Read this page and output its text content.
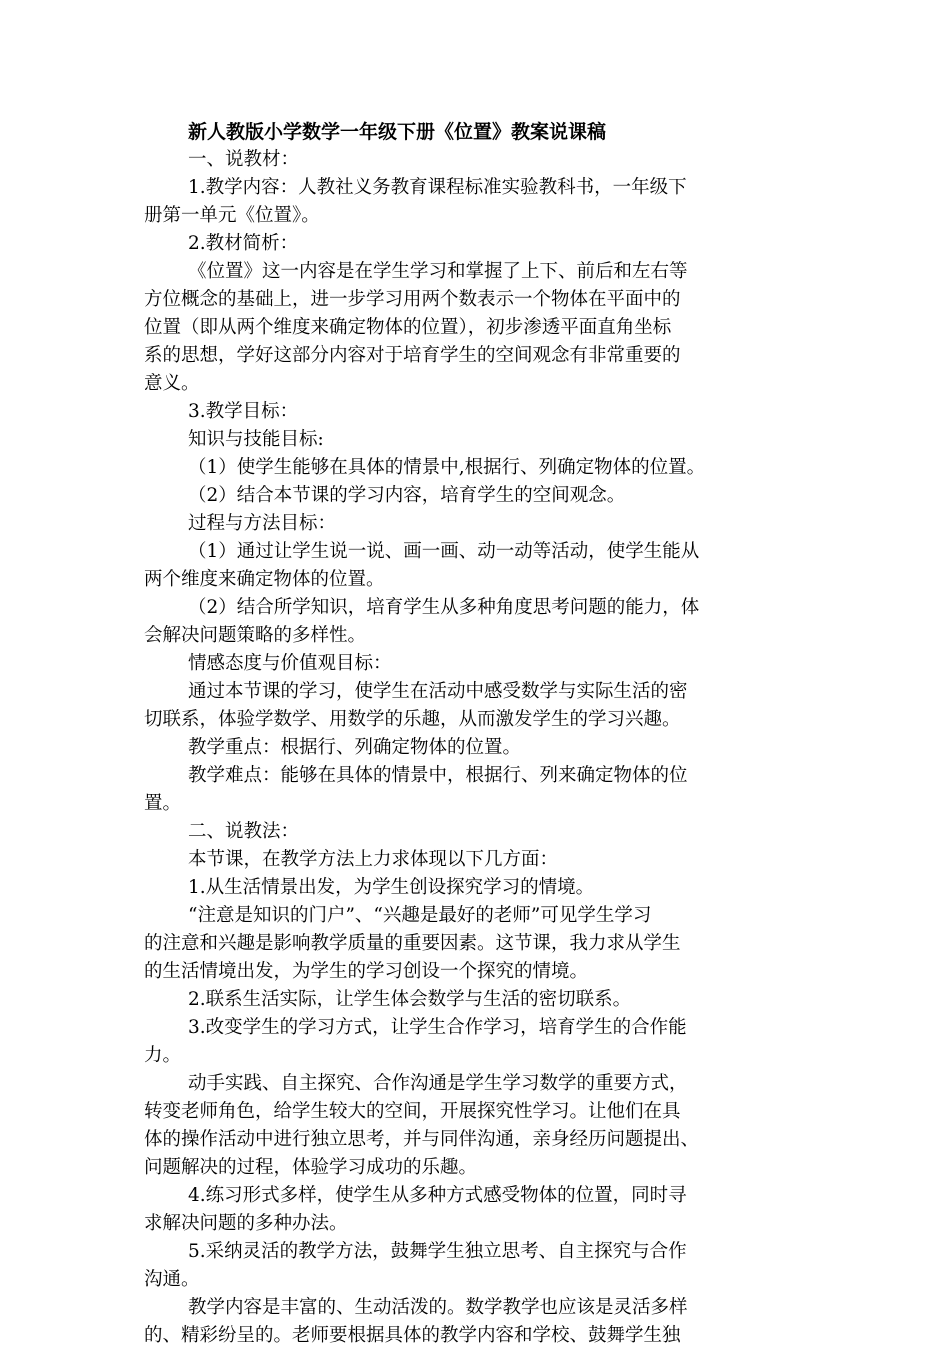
新人教版小学数学一年级下册《位置》教案说课稿
一、说教材：
1.教学内容：人教社义务教育课程标准实验教科书，一年级下
册第一单元《位置》。
2.教材简析：
《位置》这一内容是在学生学习和掌握了上下、前后和左右等
方位概念的基础上，进一步学习用两个数表示一个物体在平面中的
位置（即从两个维度来确定物体的位置），初步渗透平面直角坐标
系的思想，学好这部分内容对于培育学生的空间观念有非常重要的
意义。
3.教学目标：
知识与技能目标:
（1）使学生能够在具体的情景中,根据行、列确定物体的位置。
（2）结合本节课的学习内容，培育学生的空间观念。
过程与方法目标：
（1）通过让学生说一说、画一画、动一动等活动，使学生能从
两个维度来确定物体的位置。
（2）结合所学知识，培育学生从多种角度思考问题的能力，体
会解决问题策略的多样性。
情感态度与价值观目标：
通过本节课的学习，使学生在活动中感受数学与实际生活的密
切联系，体验学数学、用数学的乐趣，从而激发学生的学习兴趣。
教学重点：根据行、列确定物体的位置。
教学难点：能够在具体的情景中，根据行、列来确定物体的位
置。
二、说教法：
本节课，在教学方法上力求体现以下几方面：
1.从生活情景出发，为学生创设探究学习的情境。
“注意是知识的门户”、“兴趣是最好的老师”可见学生学习
的注意和兴趣是影响教学质量的重要因素。这节课，我力求从学生
的生活情境出发，为学生的学习创设一个探究的情境。
2.联系生活实际，让学生体会数学与生活的密切联系。
3.改变学生的学习方式，让学生合作学习，培育学生的合作能
力。
动手实践、自主探究、合作沟通是学生学习数学的重要方式，
转变老师角色，给学生较大的空间，开展探究性学习。让他们在具
体的操作活动中进行独立思考，并与同伴沟通，亲身经历问题提出、
问题解决的过程，体验学习成功的乐趣。
4.练习形式多样，使学生从多种方式感受物体的位置，同时寻
求解决问题的多种办法。
5.采纳灵活的教学方法，鼓舞学生独立思考、自主探究与合作
沟通。
教学内容是丰富的、生动活泼的。数学教学也应该是灵活多样
的、精彩纷呈的。老师要根据具体的教学内容和学校、鼓舞学生独
